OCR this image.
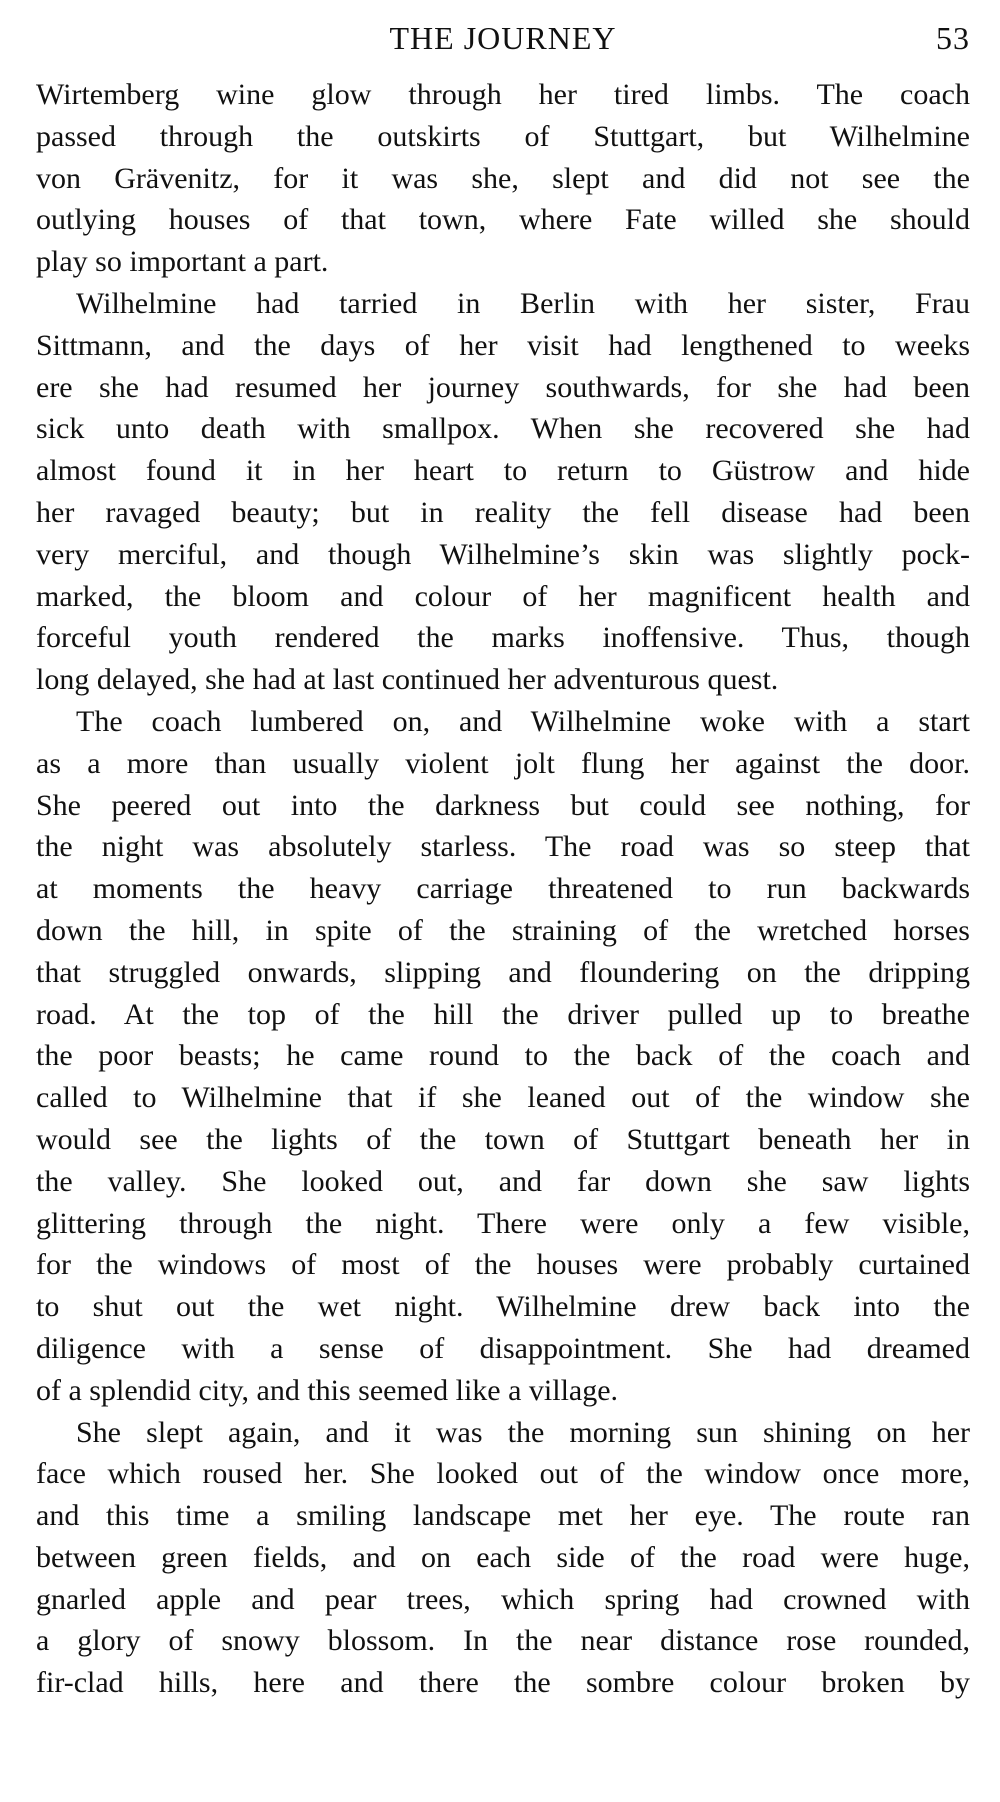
THE JOURNEY	53
Wirtemberg wine glow through her tired limbs. The coach
passed through the outskirts of Stuttgart, but Wilhelmine
von Grävenitz, for it was she, slept and did not see the
outlying houses of that town, where Fate willed she should
play so important a part.
Wilhelmine had tarried in Berlin with her sister, Frau
Sittmann, and the days of her visit had lengthened to weeks
ere she had resumed her journey southwards, for she had been
sick unto death with smallpox. When she recovered she had
almost found it in her heart to return to Güstrow and hide
her ravaged beauty; but in reality the fell disease had been
very merciful, and though Wilhelmine’s skin was slightly pock-
marked, the bloom and colour of her magnificent health and
forceful youth rendered the marks inoffensive. Thus, though
long delayed, she had at last continued her adventurous quest.
The coach lumbered on, and Wilhelmine woke with a start
as a more than usually violent jolt flung her against the door.
She peered out into the darkness but could see nothing, for
the night was absolutely starless. The road was so steep that
at moments the heavy carriage threatened to run backwards
down the hill, in spite of the straining of the wretched horses
that struggled onwards, slipping and floundering on the dripping
road. At the top of the hill the driver pulled up to breathe
the poor beasts; he came round to the back of the coach and
called to Wilhelmine that if she leaned out of the window she
would see the lights of the town of Stuttgart beneath her in
the valley. She looked out, and far down she saw lights
glittering through the night. There were only a few visible,
for the windows of most of the houses were probably curtained
to shut out the wet night. Wilhelmine drew back into the
diligence with a sense of disappointment. She had dreamed
of a splendid city, and this seemed like a village.
She slept again, and it was the morning sun shining on her
face which roused her. She looked out of the window once more,
and this time a smiling landscape met her eye. The route ran
between green fields, and on each side of the road were huge,
gnarled apple and pear trees, which spring had crowned with
a glory of snowy blossom. In the near distance rose rounded,
fir-clad hills, here and there the sombre colour broken by
